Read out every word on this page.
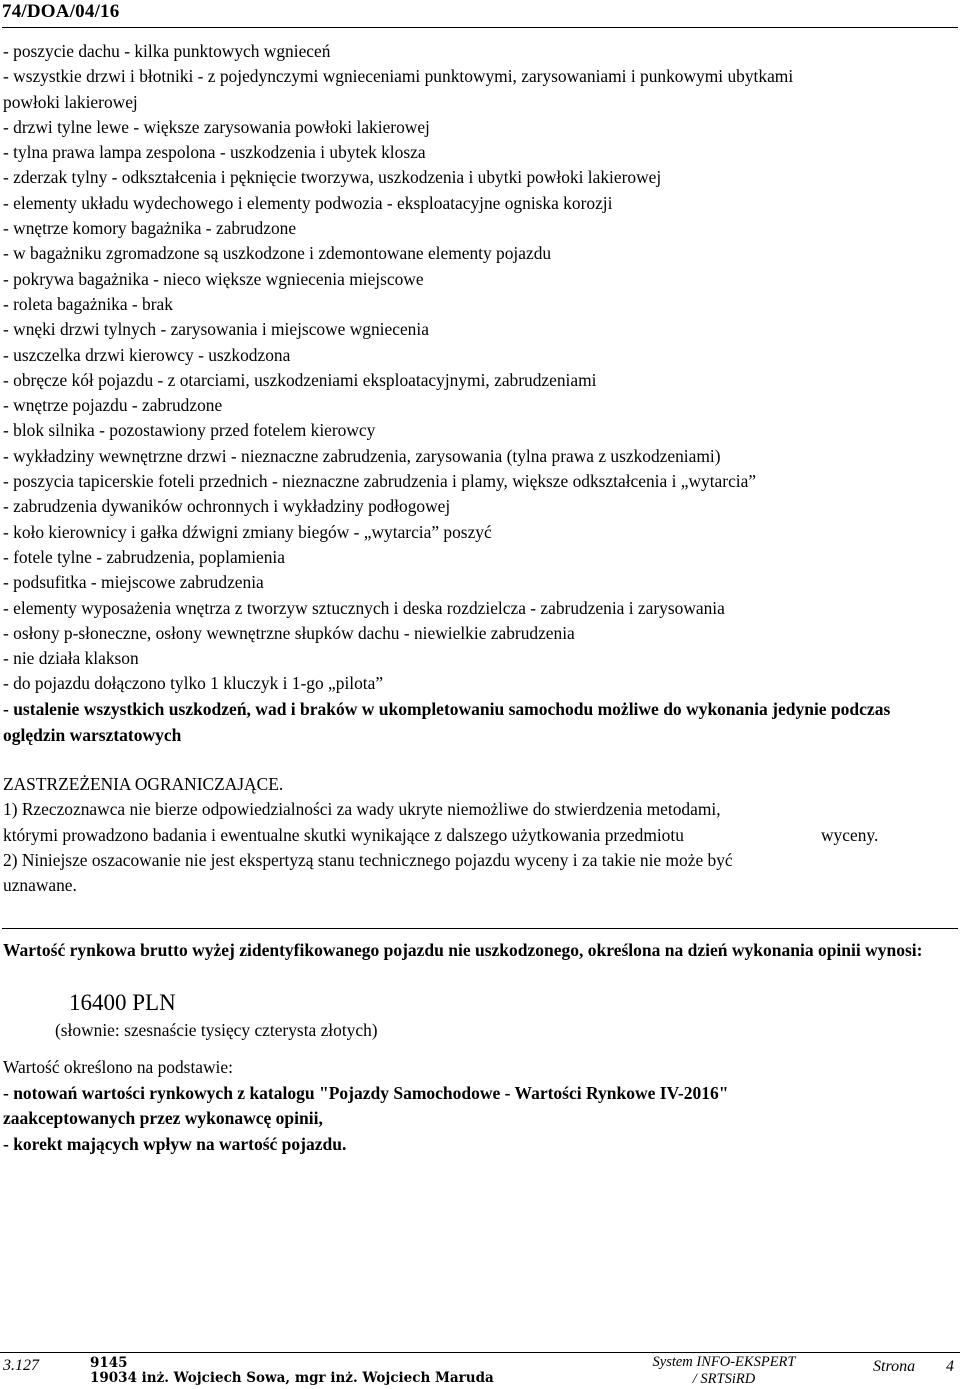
74/DOA/04/16
- poszycie dachu - kilka punktowych wgnieceń
- wszystkie drzwi i błotniki - z pojedynczymi wgnieceniami punktowymi, zarysowaniami i punkowymi ubytkami
powłoki lakierowej
- drzwi tylne lewe - większe zarysowania powłoki lakierowej
- tylna prawa lampa zespolona - uszkodzenia i ubytek klosza
- zderzak tylny - odkształcenia i pęknięcie tworzywa, uszkodzenia i ubytki powłoki lakierowej
- elementy układu wydechowego i elementy podwozia - eksploatacyjne ogniska korozji
- wnętrze komory bagażnika - zabrudzone
- w bagażniku zgromadzone są uszkodzone i zdemontowane elementy pojazdu
- pokrywa bagażnika - nieco większe wgniecenia miejscowe
- roleta bagażnika - brak
- wnęki drzwi tylnych - zarysowania i miejscowe wgniecenia
- uszczelka drzwi kierowcy - uszkodzona
- obręcze kół pojazdu - z otarciami, uszkodzeniami eksploatacyjnymi, zabrudzeniami
- wnętrze pojazdu - zabrudzone
- blok silnika - pozostawiony przed fotelem kierowcy
- wykładziny wewnętrzne drzwi - nieznaczne zabrudzenia, zarysowania (tylna prawa z uszkodzeniami)
- poszycia tapicerskie foteli przednich - nieznaczne zabrudzenia i plamy, większe odkształcenia i „wytarcia”
- zabrudzenia dywaników ochronnych i wykładziny podłogowej
- koło kierownicy i gałka dźwigni zmiany biegów - „wytarcia” poszyć
- fotele tylne - zabrudzenia, poplamienia
- podsufitka - miejscowe zabrudzenia
- elementy wyposażenia wnętrza z tworzyw sztucznych i deska rozdzielcza - zabrudzenia i zarysowania
- osłony p-słoneczne, osłony wewnętrzne słupków dachu - niewielkie zabrudzenia
- nie działa klakson
- do pojazdu dołączono tylko 1 kluczyk i 1-go „pilota”
- ustalenie wszystkich uszkodzeń, wad i braków w ukompletowaniu samochodu możliwe do wykonania jedynie podczas oględzin warsztatowych
ZASTRZEŻENIA OGRANICZAJĄCE.
1) Rzeczoznawca nie bierze odpowiedzialności za wady ukryte niemożliwe do stwierdzenia metodami,
którymi prowadzono badania i ewentualne skutki wynikające z dalszego użytkowania przedmiotu	wyceny.
2) Niniejsze oszacowanie nie jest ekspertyzą stanu technicznego pojazdu wyceny i za takie nie może być
uznawane.
Wartość rynkowa brutto wyżej zidentyfikowanego pojazdu nie uszkodzonego, określona na dzień wykonania opinii wynosi:
16400 PLN
(słownie: szesnaście tysięcy czterysta złotych)
Wartość określono na podstawie:
- notowań wartości rynkowych z katalogu "Pojazdy Samochodowe - Wartości Rynkowe IV-2016"
zaakceptowanych przez wykonawcę opinii,
- korekt mających wpływ na wartość pojazdu.
3.127	9145
19034 inż. Wojciech Sowa, mgr inż. Wojciech Maruda
System INFO-EKSPERT
/ SRTSiRD
Strona 4
